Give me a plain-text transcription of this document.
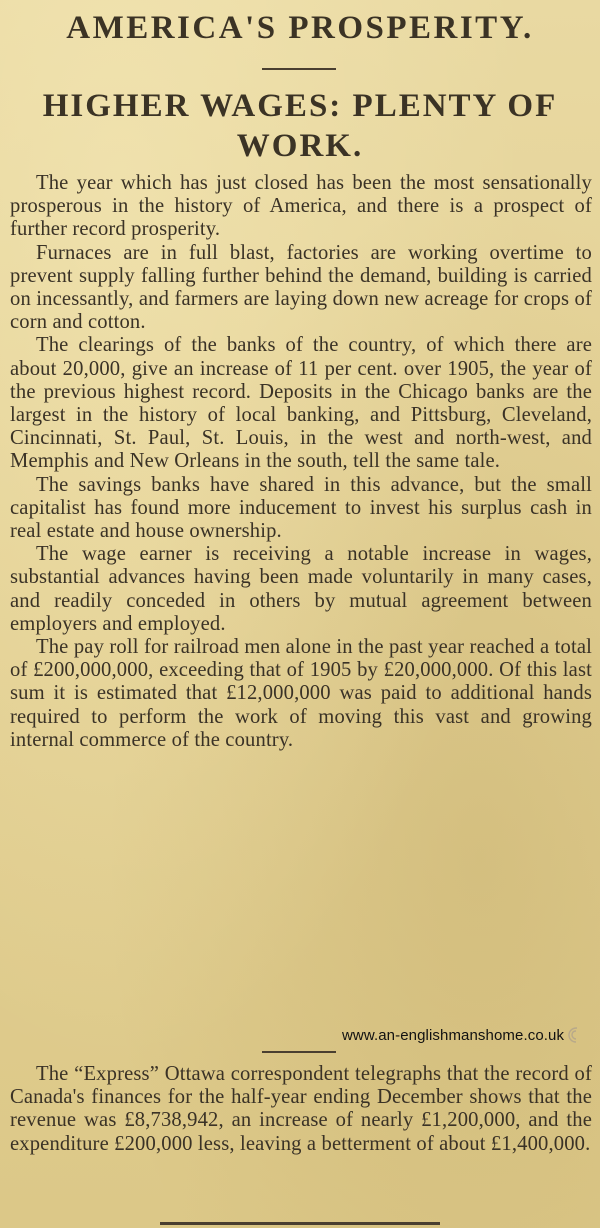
AMERICA'S PROSPERITY.
HIGHER WAGES: PLENTY OF WORK.

The year which has just closed has been the most sensationally prosperous in the history of America, and there is a prospect of further record prosperity.

Furnaces are in full blast, factories are working overtime to prevent supply falling further behind the demand, building is carried on incessantly, and farmers are laying down new acreage for crops of corn and cotton.

The clearings of the banks of the country, of which there are about 20,000, give an increase of 11 per cent. over 1905, the year of the previous highest record. Deposits in the Chicago banks are the largest in the history of local banking, and Pittsburg, Cleveland, Cincinnati, St. Paul, St. Louis, in the west and north-west, and Memphis and New Orleans in the south, tell the same tale.

The savings banks have shared in this advance, but the small capitalist has found more inducement to invest his surplus cash in real estate and house ownership.

The wage earner is receiving a notable increase in wages, substantial advances having been made voluntarily in many cases, and readily conceded in others by mutual agreement between employers and employed.

The pay roll for railroad men alone in the past year reached a total of £200,000,000, exceeding that of 1905 by £20,000,000. Of this last sum it is estimated that £12,000,000 was paid to additional hands required to perform the work of moving this vast and growing internal commerce of the country.

www.an-englishmanshome.co.uk

The “Express” Ottawa correspondent telegraphs that the record of Canada's finances for the half-year ending December shows that the revenue was £8,738,942, an increase of nearly £1,200,000, and the expenditure £200,000 less, leaving a betterment of about £1,400,000.
